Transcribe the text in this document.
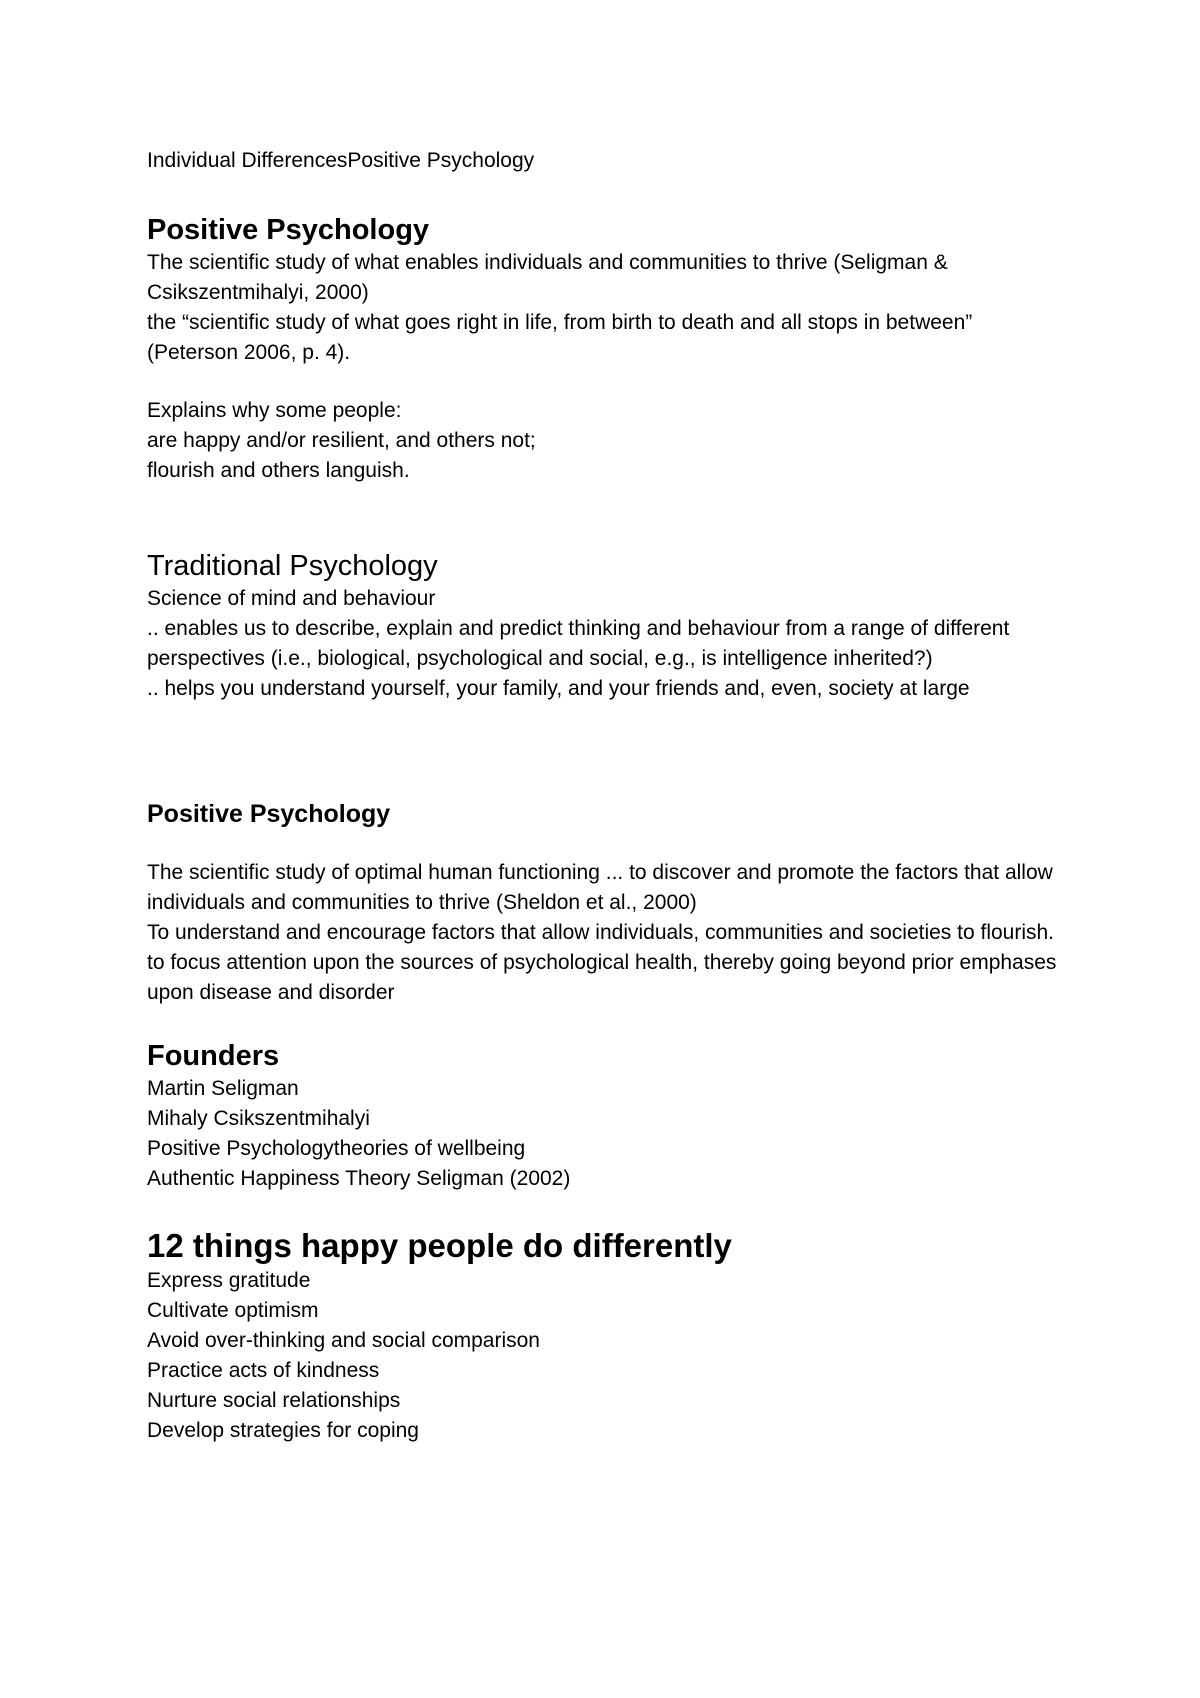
Individual DifferencesPositive Psychology

Positive Psychology

The scientific study of what enables individuals and communities to thrive (Seligman & Csikszentmihalyi, 2000)

the “scientific study of what goes right in life, from birth to death and all stops in between” (Peterson 2006, p. 4).

Explains why some people:

are happy and/or resilient, and others not;

flourish and others languish.

Traditional Psychology

Science of mind and behaviour

.. enables us to describe, explain and predict thinking and behaviour from a range of different perspectives (i.e., biological, psychological and social, e.g., is intelligence inherited?)

.. helps you understand yourself, your family, and your friends and, even, society at large

Positive Psychology

The scientific study of optimal human functioning ... to discover and promote the factors that allow individuals and communities to thrive (Sheldon et al., 2000)

To understand and encourage factors that allow individuals, communities and societies to flourish.

to focus attention upon the sources of psychological health, thereby going beyond prior emphases upon disease and disorder

Founders

Martin Seligman

Mihaly Csikszentmihalyi

Positive Psychologytheories of wellbeing

Authentic Happiness Theory Seligman (2002)

12 things happy people do differently

Express gratitude

Cultivate optimism

Avoid over-thinking and social comparison

Practice acts of kindness

Nurture social relationships

Develop strategies for coping
